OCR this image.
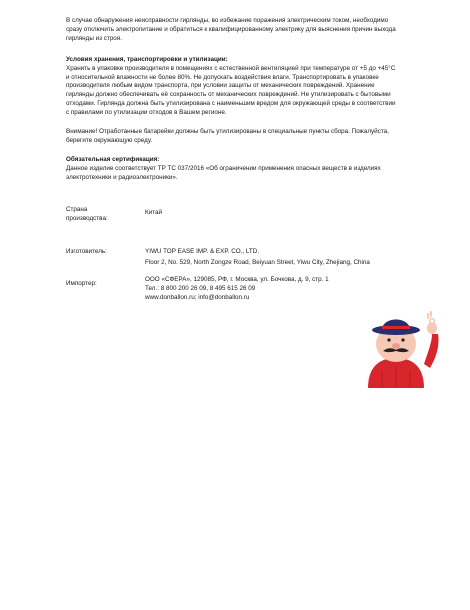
В случае обнаружения неисправности гирлянды, во избежание поражения электрическим током, необходимо
сразу отключить электропитание и обратиться к квалифицированному электрику для выяснения причин выхода
гирлянды из строя.
Условия хранения, транспортировки и утилизации:
Хранить в упаковке производителя в помещениях с естественной вентиляцией при температуре от +5 до +45°С
и относительной влажности не более 80%. Не допускать воздействия влаги. Транспортировать в упаковке
производителя любым видом транспорта, при условии защиты от механических повреждений. Хранение
гирлянды должно обеспечивать её сохранность от механических повреждений. Не утилизировать с бытовыми
отходами. Гирлянда должна быть утилизирована с наименьшим вредом для окружающей среды в соответствии
с правилами по утилизации отходов в Вашем регионе.
Внимание! Отработанные батарейки должны быть утилизированы в специальные пункты сбора. Пожалуйста,
берегите окружающую среду.
Обязательная сертификация:
Данное изделие соответствует ТР ТС 037/2016 «Об ограничении применения опасных веществ в изделиях
электротехники и радиоэлектроники».
Страна
производства:
Китай
Изготовитель:	YIWU TOP EASE IMP. & EXP. CO., LTD.
Floor 2, No. 529, North Zongze Road, Beiyuan Street, Yiwu City, Zhejiang, China
Импортер:
ООО «СФЕРА», 129085, РФ, г. Москва, ул. Бочкова, д. 9, стр. 1
Тел.: 8 800 200 26 09, 8 495 615 26 09
www.donballon.ru; info@donballon.ru
